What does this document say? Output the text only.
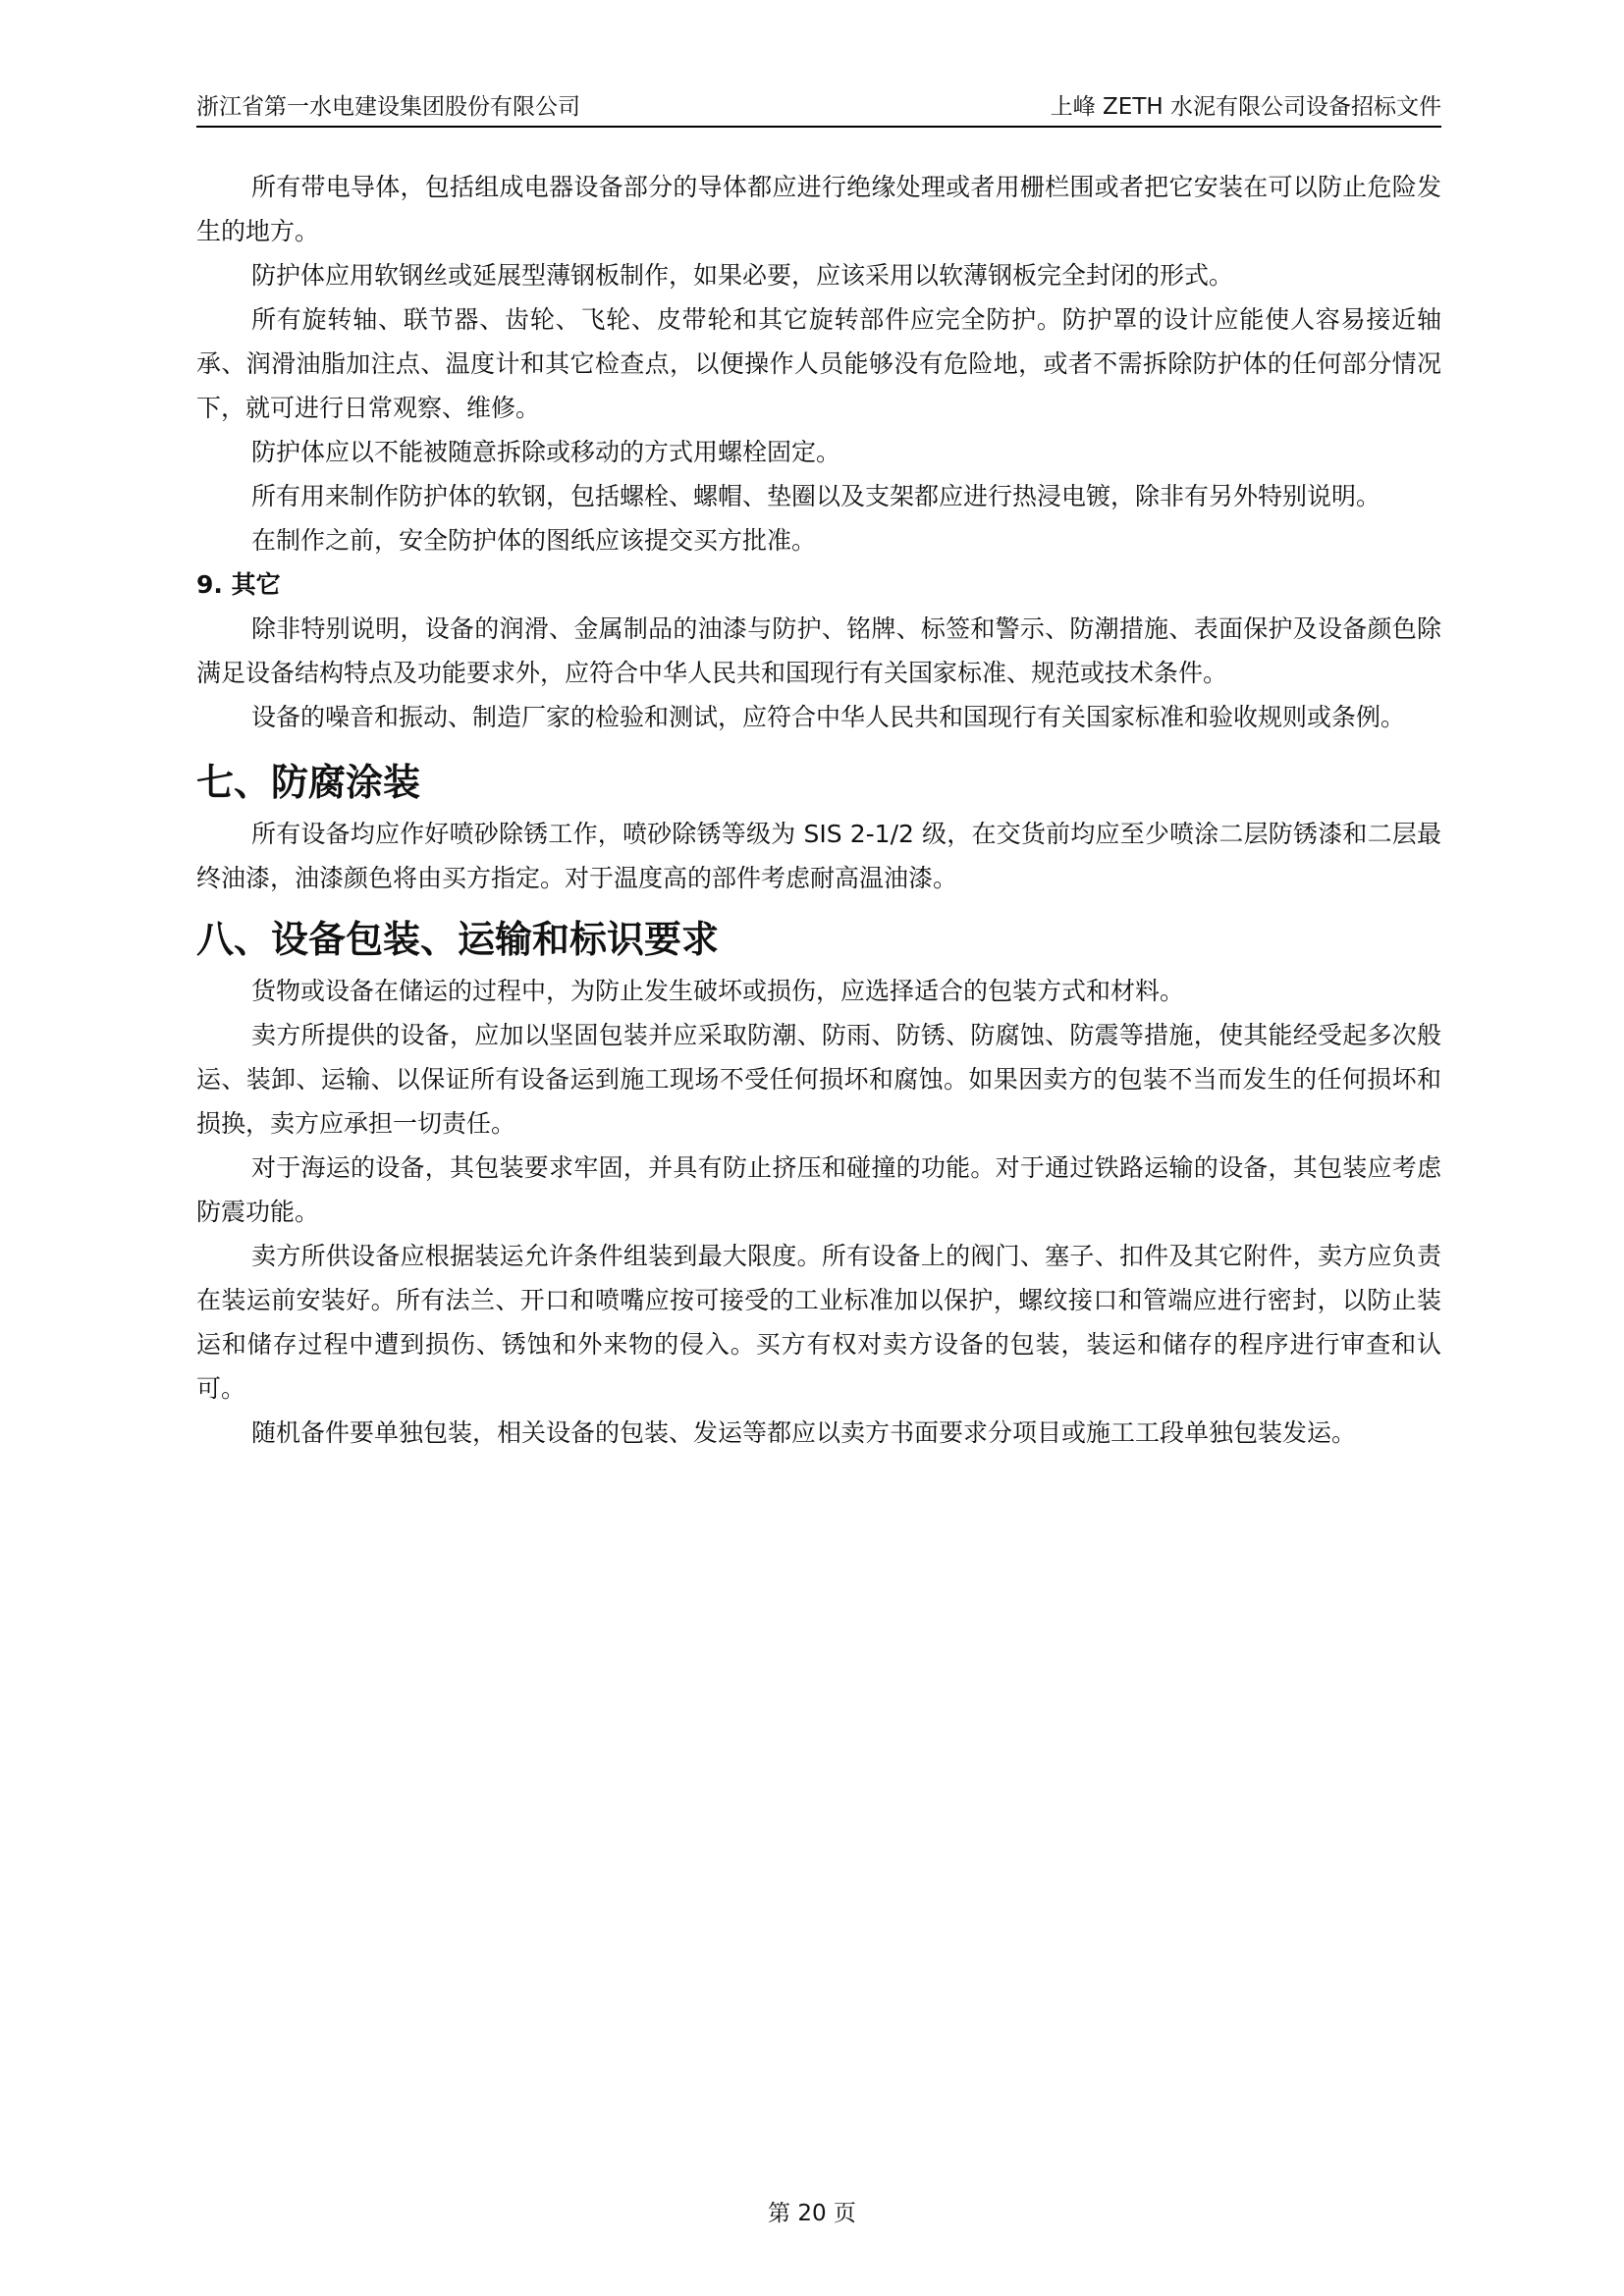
浙江省第一水电建设集团股份有限公司	上峰 ZETH 水泥有限公司设备招标文件

所有带电导体，包括组成电器设备部分的导体都应进行绝缘处理或者用栅栏围或者把它安装在可以防止危险发生的地方。

防护体应用软钢丝或延展型薄钢板制作，如果必要，应该采用以软薄钢板完全封闭的形式。

所有旋转轴、联节器、齿轮、飞轮、皮带轮和其它旋转部件应完全防护。防护罩的设计应能使人容易接近轴承、润滑油脂加注点、温度计和其它检查点，以便操作人员能够没有危险地，或者不需拆除防护体的任何部分情况下，就可进行日常观察、维修。

防护体应以不能被随意拆除或移动的方式用螺栓固定。

所有用来制作防护体的软钢，包括螺栓、螺帽、垫圈以及支架都应进行热浸电镀，除非有另外特别说明。

在制作之前，安全防护体的图纸应该提交买方批准。

9. 其它

除非特别说明，设备的润滑、金属制品的油漆与防护、铭牌、标签和警示、防潮措施、表面保护及设备颜色除满足设备结构特点及功能要求外，应符合中华人民共和国现行有关国家标准、规范或技术条件。

设备的噪音和振动、制造厂家的检验和测试，应符合中华人民共和国现行有关国家标准和验收规则或条例。

七、防腐涂装

所有设备均应作好喷砂除锈工作，喷砂除锈等级为 SIS 2-1/2 级，在交货前均应至少喷涂二层防锈漆和二层最终油漆，油漆颜色将由买方指定。对于温度高的部件考虑耐高温油漆。

八、设备包装、运输和标识要求

货物或设备在储运的过程中，为防止发生破坏或损伤，应选择适合的包装方式和材料。

卖方所提供的设备，应加以坚固包装并应采取防潮、防雨、防锈、防腐蚀、防震等措施，使其能经受起多次般运、装卸、运输、以保证所有设备运到施工现场不受任何损坏和腐蚀。如果因卖方的包装不当而发生的任何损坏和损换，卖方应承担一切责任。

对于海运的设备，其包装要求牢固，并具有防止挤压和碰撞的功能。对于通过铁路运输的设备，其包装应考虑防震功能。

卖方所供设备应根据装运允许条件组装到最大限度。所有设备上的阀门、塞子、扣件及其它附件，卖方应负责在装运前安装好。所有法兰、开口和喷嘴应按可接受的工业标准加以保护，螺纹接口和管端应进行密封，以防止装运和储存过程中遭到损伤、锈蚀和外来物的侵入。买方有权对卖方设备的包装，装运和储存的程序进行审查和认可。

随机备件要单独包装，相关设备的包装、发运等都应以卖方书面要求分项目或施工工段单独包装发运。

第 20 页
